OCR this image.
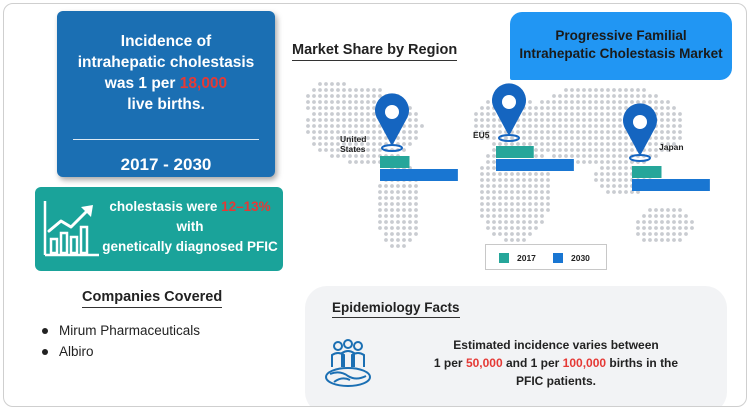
Incidence of
intrahepatic cholestasis
was 1 per 18,000
live births.
2017 - 2030
cholestasis were 12–13%
with
genetically diagnosed PFIC
Companies Covered
Mirum Pharmaceuticals
Albiro
Market Share by Region
United
States
EU5
Japan
2017	2030
Progressive Familial
Intrahepatic Cholestasis Market
Epidemiology Facts
Estimated incidence varies between
1 per 50,000 and 1 per 100,000 births in the
PFIC patients.
